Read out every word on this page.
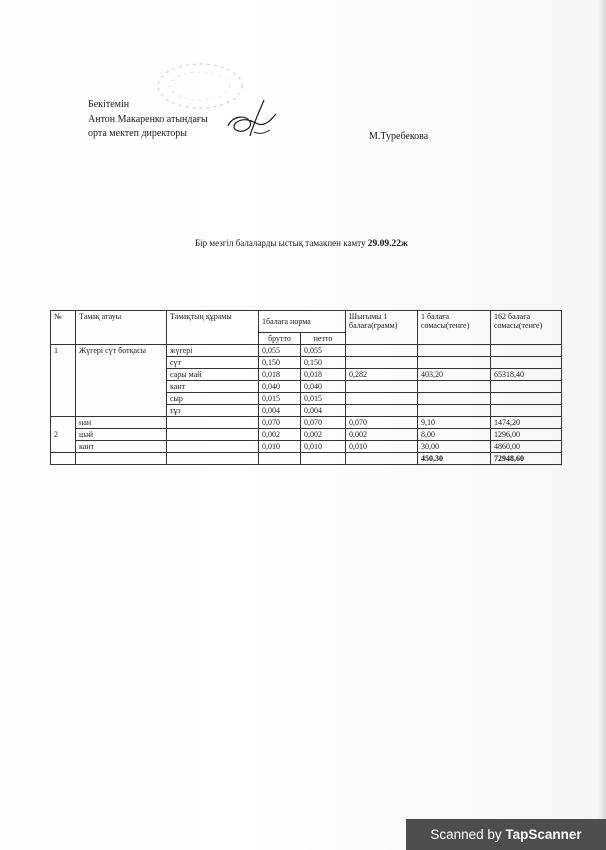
Бекітемін
Антон Макаренко атындағы
орта мектеп директоры	М.Туребекова
Бір мезгіл балаларды ыстық тамакпен камту 29.09.22ж
№	Тамақ атауы	Тамақтың құрамы	1балаға норма		Шығымы 1 балаға(грамм)	1 балаға сомасы(тенге)	162 балаға сомасы(тенге)
			брутто	нетто			
1	Жүгері сүт ботқасы	жүгері	0,055	0,055			
		сүт	0,150	0,150			
		сары май	0,018	0,018	0,282	403,20	65318,40
		кант	0,040	0,040			
		сыр	0,015	0,015			
		тұз	0,004	0,004			
2	нан		0,070	0,070	0,070	9,10	1474,20
	шәй		0,002	0,002	0,002	8,00	1296,00
	кант		0,010	0,010	0,010	30,00	4860,00
						450,30	72948,60
Scanned by TapScanner
